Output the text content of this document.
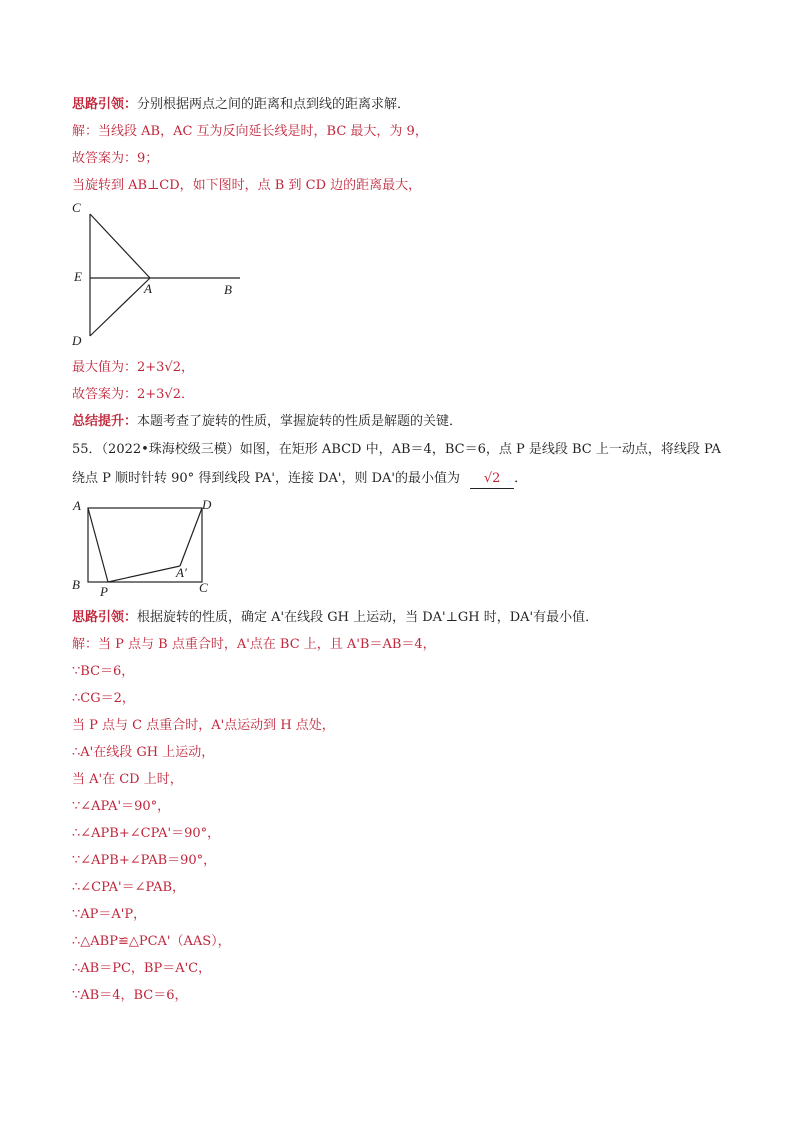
思路引领：分别根据两点之间的距离和点到线的距离求解．
解：当线段 AB，AC 互为反向延长线是时，BC 最大，为 9，
故答案为：9；
当旋转到 AB⊥CD，如下图时，点 B 到 CD 边的距离最大，
C
E
A	B
D
最大值为：2+3√2，
故答案为：2+3√2．
总结提升：本题考查了旋转的性质，掌握旋转的性质是解题的关键．
55．（2022•珠海校级三模）如图，在矩形 ABCD 中，AB＝4，BC＝6，点 P 是线段 BC 上一动点，将线段 PA
绕点 P 顺时针转 90° 得到线段 PA'，连接 DA'，则 DA'的最小值为 √2 ．
A	D
A′
B P	C
思路引领：根据旋转的性质，确定 A'在线段 GH 上运动，当 DA'⊥GH 时，DA'有最小值．
解：当 P 点与 B 点重合时，A'点在 BC 上，且 A'B＝AB＝4，
∵BC＝6，
∴CG＝2，
当 P 点与 C 点重合时，A'点运动到 H 点处，
∴A'在线段 GH 上运动，
当 A'在 CD 上时，
∵∠APA'＝90°，
∴∠APB+∠CPA'＝90°，
∵∠APB+∠PAB＝90°，
∴∠CPA'＝∠PAB，
∵AP＝A'P，
∴△ABP≌△PCA'（AAS），
∴AB＝PC，BP＝A'C，
∵AB＝4，BC＝6，
